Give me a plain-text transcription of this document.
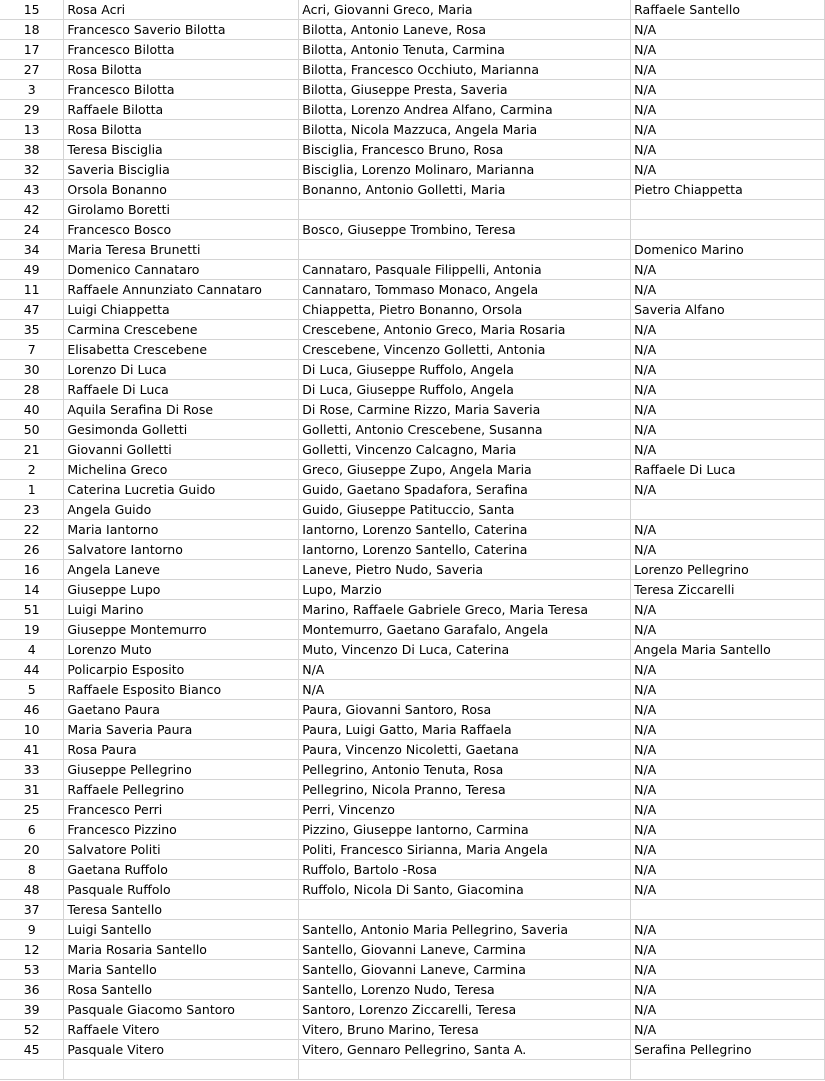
15	Rosa Acri	Acri, Giovanni Greco, Maria	Raffaele Santello
18	Francesco Saverio Bilotta	Bilotta, Antonio Laneve, Rosa	N/A
17	Francesco Bilotta	Bilotta, Antonio Tenuta, Carmina	N/A
27	Rosa Bilotta	Bilotta, Francesco Occhiuto, Marianna	N/A
3	Francesco Bilotta	Bilotta, Giuseppe Presta, Saveria	N/A
29	Raffaele Bilotta	Bilotta, Lorenzo Andrea Alfano, Carmina	N/A
13	Rosa Bilotta	Bilotta, Nicola Mazzuca, Angela Maria	N/A
38	Teresa Bisciglia	Bisciglia, Francesco Bruno, Rosa	N/A
32	Saveria Bisciglia	Bisciglia, Lorenzo Molinaro, Marianna	N/A
43	Orsola Bonanno	Bonanno, Antonio Golletti, Maria	Pietro Chiappetta
42	Girolamo Boretti		
24	Francesco Bosco	Bosco, Giuseppe Trombino, Teresa	
34	Maria Teresa Brunetti		Domenico Marino
49	Domenico Cannataro	Cannataro, Pasquale Filippelli, Antonia	N/A
11	Raffaele Annunziato Cannataro	Cannataro, Tommaso Monaco, Angela	N/A
47	Luigi Chiappetta	Chiappetta, Pietro Bonanno, Orsola	Saveria Alfano
35	Carmina Crescebene	Crescebene, Antonio Greco, Maria Rosaria	N/A
7	Elisabetta Crescebene	Crescebene, Vincenzo Golletti, Antonia	N/A
30	Lorenzo Di Luca	Di Luca, Giuseppe Ruffolo, Angela	N/A
28	Raffaele Di Luca	Di Luca, Giuseppe Ruffolo, Angela	N/A
40	Aquila Serafina Di Rose	Di Rose, Carmine Rizzo, Maria Saveria	N/A
50	Gesimonda Golletti	Golletti, Antonio Crescebene, Susanna	N/A
21	Giovanni Golletti	Golletti, Vincenzo Calcagno, Maria	N/A
2	Michelina Greco	Greco, Giuseppe Zupo, Angela Maria	Raffaele Di Luca
1	Caterina Lucretia Guido	Guido, Gaetano Spadafora, Serafina	N/A
23	Angela Guido	Guido, Giuseppe Patituccio, Santa	
22	Maria Iantorno	Iantorno, Lorenzo Santello, Caterina	N/A
26	Salvatore Iantorno	Iantorno, Lorenzo Santello, Caterina	N/A
16	Angela Laneve	Laneve, Pietro Nudo, Saveria	Lorenzo Pellegrino
14	Giuseppe Lupo	Lupo, Marzio	Teresa Ziccarelli
51	Luigi Marino	Marino, Raffaele Gabriele Greco, Maria Teresa	N/A
19	Giuseppe Montemurro	Montemurro, Gaetano Garafalo, Angela	N/A
4	Lorenzo Muto	Muto, Vincenzo Di Luca, Caterina	Angela Maria Santello
44	Policarpio Esposito	N/A	N/A
5	Raffaele Esposito Bianco	N/A	N/A
46	Gaetano Paura	Paura, Giovanni Santoro, Rosa	N/A
10	Maria Saveria Paura	Paura, Luigi Gatto, Maria Raffaela	N/A
41	Rosa Paura	Paura, Vincenzo Nicoletti, Gaetana	N/A
33	Giuseppe Pellegrino	Pellegrino, Antonio Tenuta, Rosa	N/A
31	Raffaele Pellegrino	Pellegrino, Nicola Pranno, Teresa	N/A
25	Francesco Perri	Perri, Vincenzo	N/A
6	Francesco Pizzino	Pizzino, Giuseppe Iantorno, Carmina	N/A
20	Salvatore Politi	Politi, Francesco Sirianna, Maria Angela	N/A
8	Gaetana Ruffolo	Ruffolo, Bartolo -Rosa	N/A
48	Pasquale Ruffolo	Ruffolo, Nicola Di Santo, Giacomina	N/A
37	Teresa Santello		
9	Luigi Santello	Santello, Antonio Maria Pellegrino, Saveria	N/A
12	Maria Rosaria Santello	Santello, Giovanni Laneve, Carmina	N/A
53	Maria Santello	Santello, Giovanni Laneve, Carmina	N/A
36	Rosa Santello	Santello, Lorenzo Nudo, Teresa	N/A
39	Pasquale Giacomo Santoro	Santoro, Lorenzo Ziccarelli, Teresa	N/A
52	Raffaele Vitero	Vitero, Bruno Marino, Teresa	N/A
45	Pasquale Vitero	Vitero, Gennaro Pellegrino, Santa A.	Serafina Pellegrino
